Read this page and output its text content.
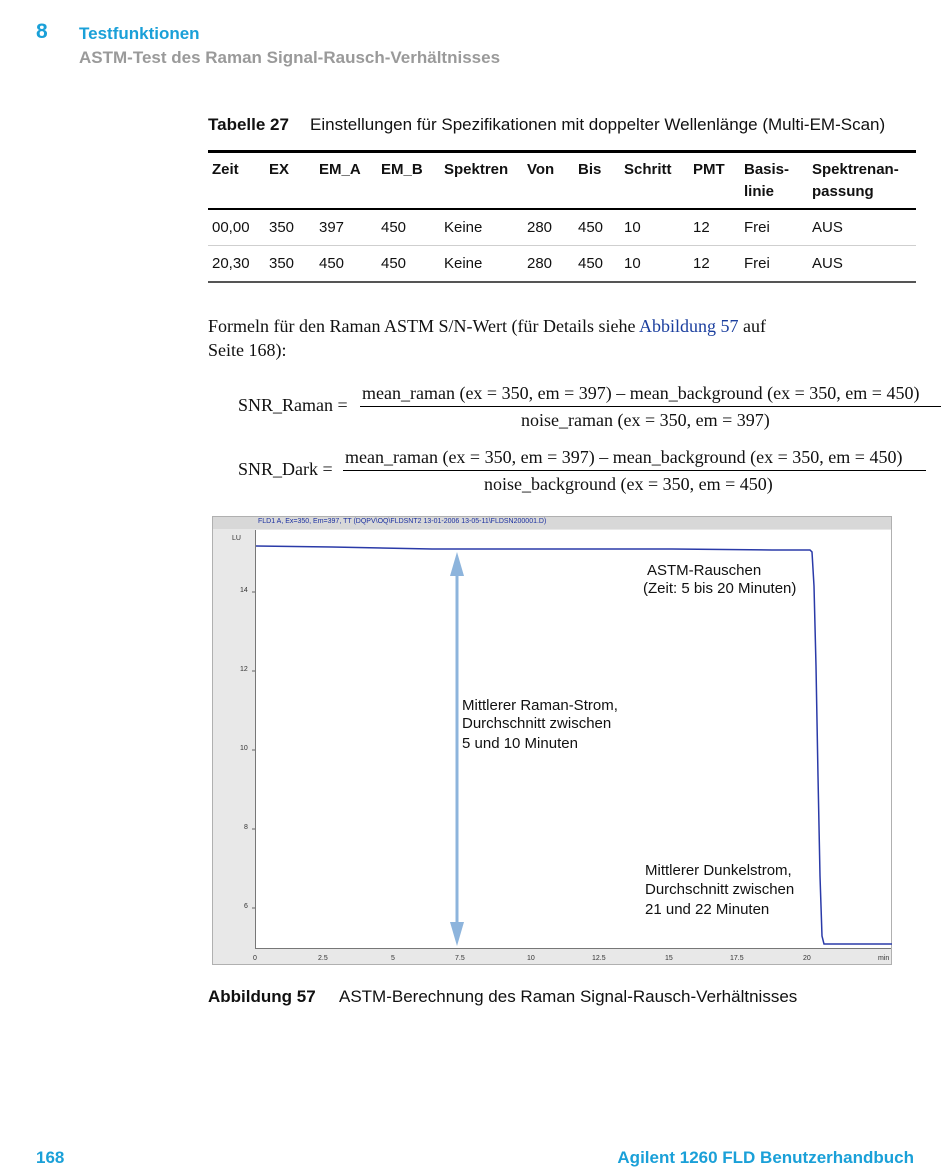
8 Testfunktionen
ASTM-Test des Raman Signal-Rausch-Verhältnisses
Tabelle 27 Einstellungen für Spezifikationen mit doppelter Wellenlänge (Multi-EM-Scan)
Zeit EX EM_A EM_B Spektren Von Bis Schritt PMT Basis- Spektrenan-
linie	passung
00,00 350 397 450	Keine	280 450 10	12 Frei	AUS
20,30 350 450 450	Keine	280 450 10	12 Frei	AUS
Formeln für den Raman ASTM S/N-Wert (für Details siehe Abbildung 57 auf
Seite 168):
SNR_Raman =
mean_raman (ex = 350, em = 397) – mean_background (ex = 350, em = 450)
noise_raman (ex = 350, em = 397)
SNR_Dark =
mean_raman (ex = 350, em = 397) – mean_background (ex = 350, em = 450)
noise_background (ex = 350, em = 450)
FLD1 A, Ex=350, Em=397, TT (DQPV\OQ\FLDSNT2 13-01-2006 13-05-11\FLDSN200001.D)
LU
min
14
12
10
8
6
0	2.5	5	7.5	10	12.5	15	17.5	20
ASTM-Rauschen
(Zeit: 5 bis 20 Minuten)
Mittlerer Raman-Strom,
Durchschnitt zwischen
5 und 10 Minuten
Mittlerer Dunkelstrom,
Durchschnitt zwischen
21 und 22 Minuten
Abbildung 57 ASTM-Berechnung des Raman Signal-Rausch-Verhältnisses
168	Agilent 1260 FLD Benutzerhandbuch
